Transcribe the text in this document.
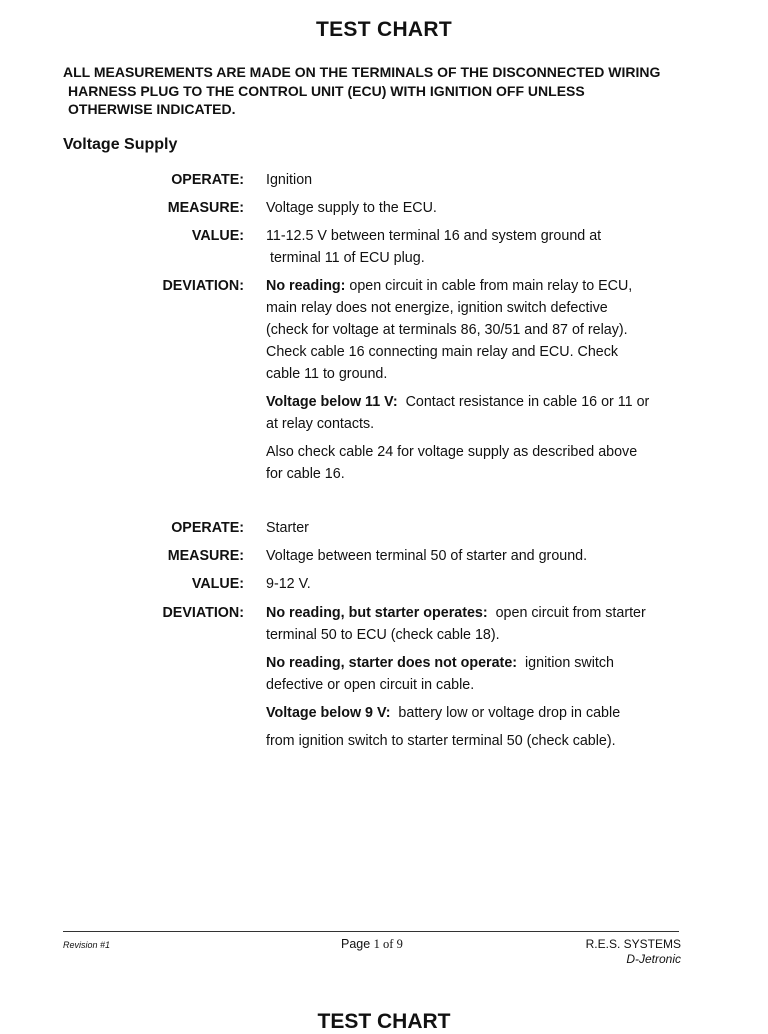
TEST CHART
ALL MEASUREMENTS ARE MADE ON THE TERMINALS OF THE DISCONNECTED WIRING
HARNESS PLUG TO THE CONTROL UNIT (ECU) WITH IGNITION OFF UNLESS
OTHERWISE INDICATED.
Voltage Supply
OPERATE: Ignition
MEASURE: Voltage supply to the ECU.
VALUE: 11-12.5 V between terminal 16 and system ground at

terminal 11 of ECU plug.

DEVIATION: No reading: open circuit in cable from main relay to ECU,

main relay does not energize, ignition switch defective

(check for voltage at terminals 86, 30/51 and 87 of relay).

Check cable 16 connecting main relay and ECU. Check

cable 11 to ground.

Voltage below 11 V:  Contact resistance in cable 16 or 11 or

at relay contacts.

Also check cable 24 for voltage supply as described above

for cable 16.

OPERATE: Starter
MEASURE: Voltage between terminal 50 of starter and ground.
VALUE: 9-12 V.
DEVIATION: No reading, but starter operates:  open circuit from starter

terminal 50 to ECU (check cable 18).

No reading, starter does not operate:  ignition switch

defective or open circuit in cable.

Voltage below 9 V:  battery low or voltage drop in cable

from ignition switch to starter terminal 50 (check cable).

Revision #1	Page 1 of 9	R.E.S. SYSTEMS
D-Jetronic
TEST CHART
